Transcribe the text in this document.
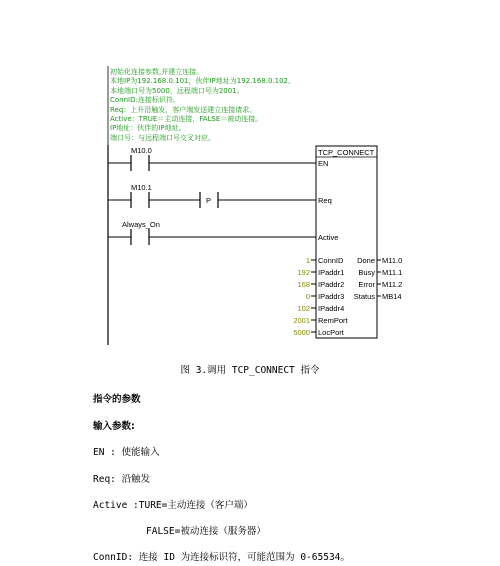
初始化连接参数,并建立连接。
本地IP为192.168.0.101，伙伴IP地址为192.168.0.102。
本地端口号为5000，远程端口号为2001。
ConnID:连接标识符。
Req：上升沿触发，客户端发送建立连接请求。
Active：TRUE＝主动连接，FALSE＝被动连接。
IP地址：伙伴的IP地址。
端口号：与远程端口号交叉对应。
M10.0
P
M10.1
Always_On
TCP_CONNECT
EN
Req
Active
1 ConnID
192 IPaddr1
168 IPaddr2
0 IPaddr3
102 IPaddr4
2001 RemPort
5000 LocPort
Done M11.0
Busy M11.1
Error M11.2
Status MB14
图 3.调用 TCP_CONNECT 指令
指令的参数
输入参数:
EN : 使能输入
Req: 沿触发
Active :TURE=主动连接（客户端）
FALSE=被动连接（服务器）
ConnID: 连接 ID 为连接标识符，可能范围为 0-65534。
